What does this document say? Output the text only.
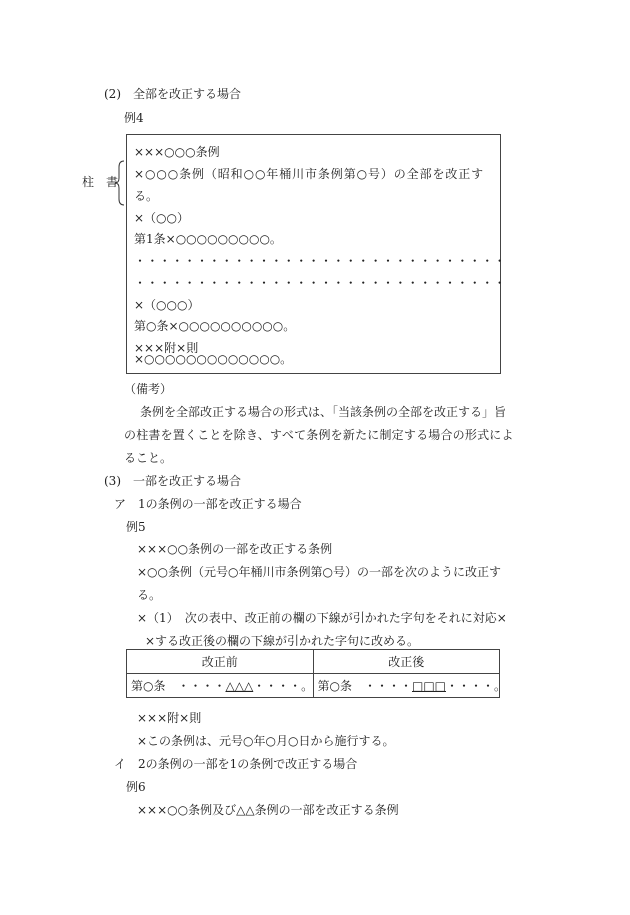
(2)　全部を改正する場合
例4
柱　書
×××○○○条例
×○○○条例（昭和○○年桶川市条例第○号）の全部を改正す
る。
×（○○）
第1条×○○○○○○○○○。
・・・・・・・・・・・・・・・・・・・・・・・・・・・・・・
・・・・・・・・・・・・・・・・・・・・・・・・・・・・・・
×（○○○）
第○条×○○○○○○○○○○。
×××附×則
×○○○○○○○○○○○○○。
（備考）
条例を全部改正する場合の形式は、「当該条例の全部を改正する」旨
の柱書を置くことを除き、すべて条例を新たに制定する場合の形式によ
ること。
(3)　一部を改正する場合
ア　1の条例の一部を改正する場合
例5
×××○○条例の一部を改正する条例
×○○条例（元号○年桶川市条例第○号）の一部を次のように改正す
る。
×（1）　次の表中、改正前の欄の下線が引かれた字句をそれに対応×
×する改正後の欄の下線が引かれた字句に改める。
改正前	改正後
第○条　・・・・△△△・・・・。	第○条　・・・・□□□・・・・。
×××附×則
×この条例は、元号○年○月○日から施行する。
イ　2の条例の一部を1の条例で改正する場合
例6
×××○○条例及び△△条例の一部を改正する条例
